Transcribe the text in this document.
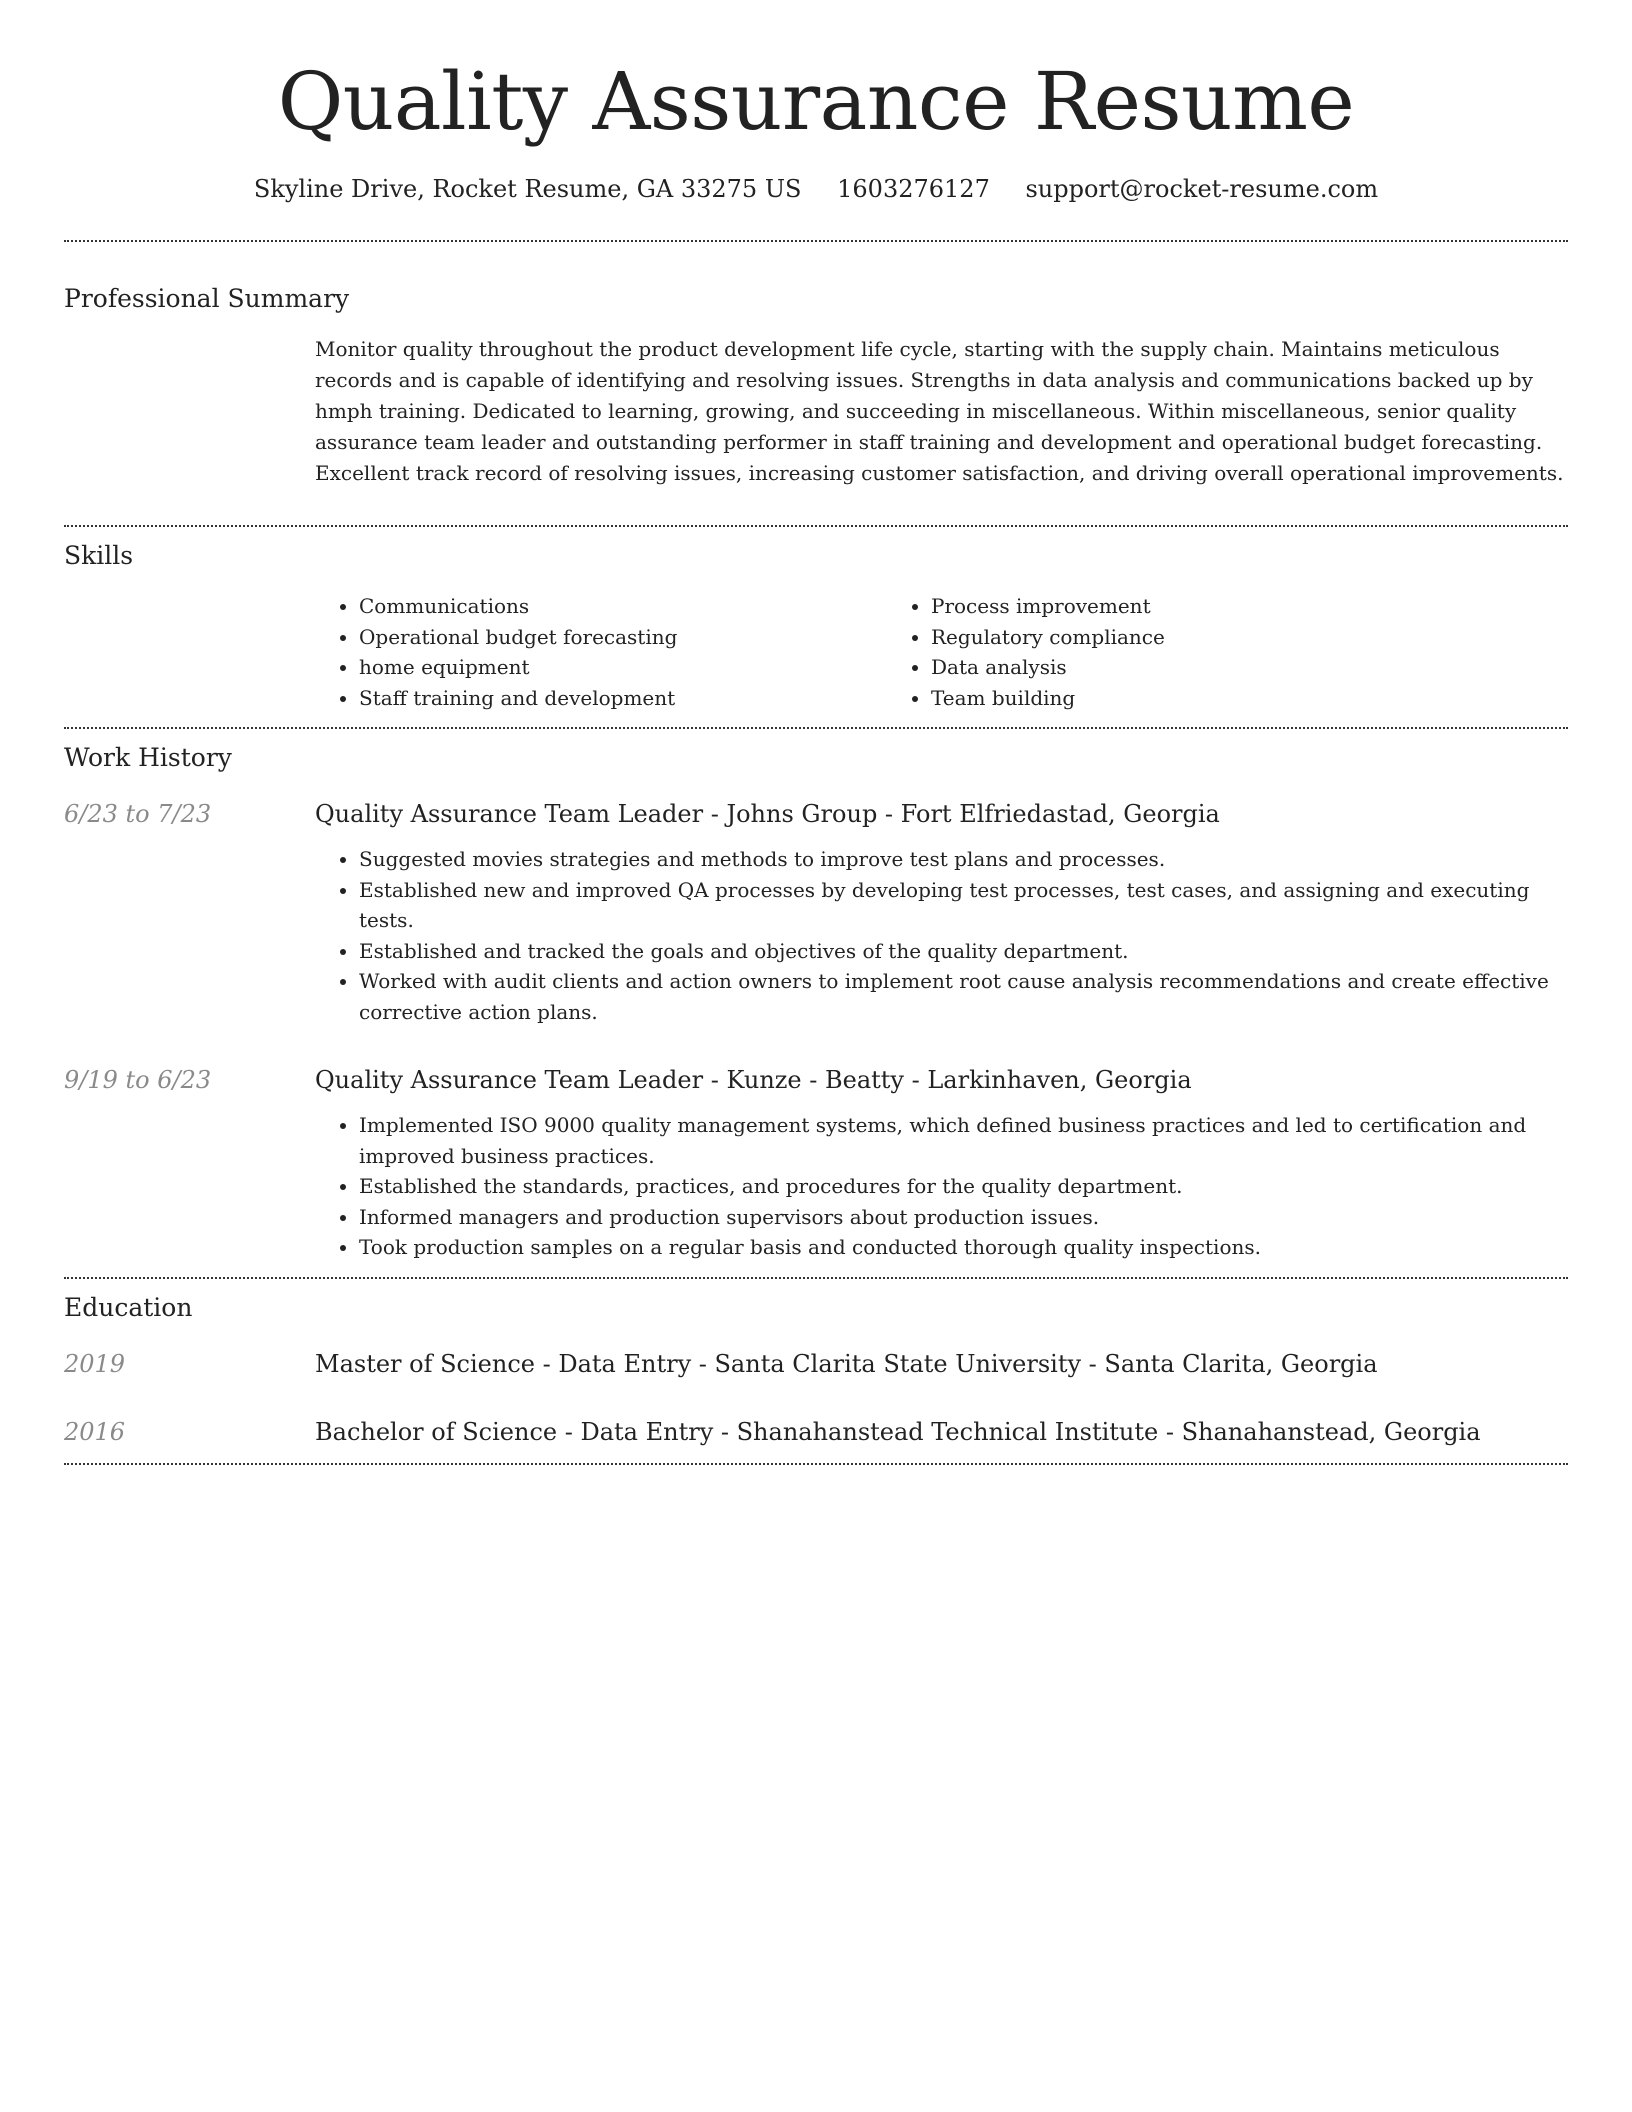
Quality Assurance Resume
Skyline Drive, Rocket Resume, GA 33275 US 1603276127 support@rocket-resume.com
Professional Summary

Monitor quality throughout the product development life cycle, starting with the supply chain. Maintains meticulous records and is capable of identifying and resolving issues. Strengths in data analysis and communications backed up by hmph training. Dedicated to learning, growing, and succeeding in miscellaneous. Within miscellaneous, senior quality assurance team leader and outstanding performer in staff training and development and operational budget forecasting. Excellent track record of resolving issues, increasing customer satisfaction, and driving overall operational improvements.

Skills
• Communications
• Operational budget forecasting
• home equipment
• Staff training and development
• Process improvement
• Regulatory compliance
• Data analysis
• Team building
Work History
6/23 to 7/23	Quality Assurance Team Leader - Johns Group - Fort Elfriedastad, Georgia
• Suggested movies strategies and methods to improve test plans and processes.
• Established new and improved QA processes by developing test processes, test cases, and assigning and executing tests.
• Established and tracked the goals and objectives of the quality department.
• Worked with audit clients and action owners to implement root cause analysis recommendations and create effective corrective action plans.
9/19 to 6/23	Quality Assurance Team Leader - Kunze - Beatty - Larkinhaven, Georgia
• Implemented ISO 9000 quality management systems, which defined business practices and led to certification and improved business practices.
• Established the standards, practices, and procedures for the quality department.
• Informed managers and production supervisors about production issues.
• Took production samples on a regular basis and conducted thorough quality inspections.
Education
2019	Master of Science - Data Entry - Santa Clarita State University - Santa Clarita, Georgia
2016	Bachelor of Science - Data Entry - Shanahanstead Technical Institute - Shanahanstead, Georgia
